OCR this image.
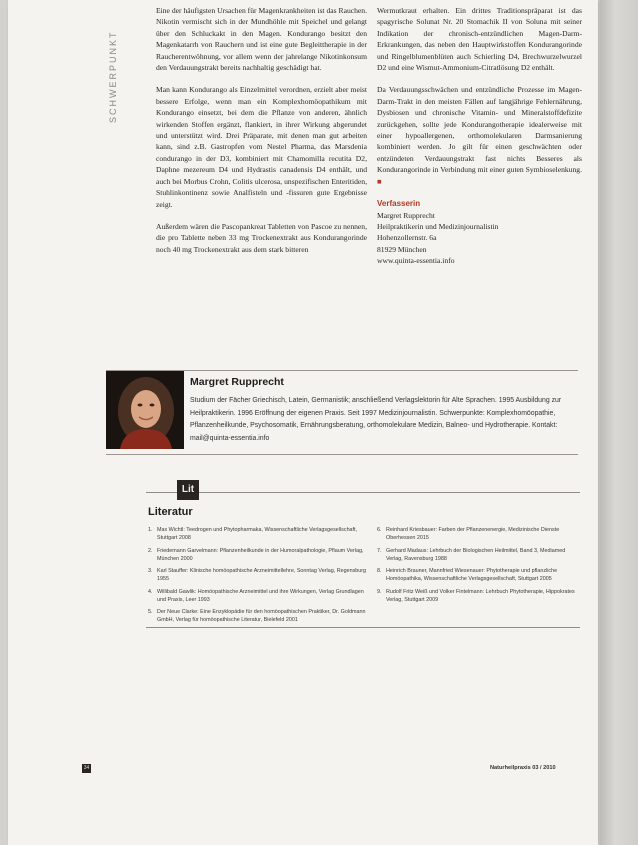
SCHWERPUNKT

Eine der häufigsten Ursachen für Magenkrankheiten ist das Rauchen. Nikotin vermischt sich in der Mundhöhle mit Speichel und gelangt über den Schluckakt in den Magen. Kondurango besitzt den Magenkatarrh von Rauchern und ist eine gute Begleittherapie in der Raucherentwöhnung, vor allem wenn der jahrelange Nikotinkonsum den Verdauungstrakt bereits nachhaltig geschädigt hat.

Man kann Kondurango als Einzelmittel verordnen, erzielt aber meist bessere Erfolge, wenn man ein Komplexhomöopathikum mit Kondurango einsetzt, bei dem die Pflanze von anderen, ähnlich wirkenden Stoffen ergänzt, flankiert, in ihrer Wirkung abgerundet und unterstützt wird. Drei Präparate, mit denen man gut arbeiten kann, sind z.B. Gastropfen vom Nestel Pharma, das Marsdenia condurango in der D3, kombiniert mit Chamomilla recutita D2, Daphne mezereum D4 und Hydrastis canadensis D4 enthält, und auch bei Morbus Crohn, Colitis ulcerosa, unspezifischen Enteritiden, Stuhlinkontinenz sowie Analfisteln und -fissuren gute Ergebnisse zeigt.

Außerdem wären die Pascopankreat Tabletten von Pascoe zu nennen, die pro Tablette neben 33 mg Trockenextrakt aus Kondurangorinde noch 40 mg Trockenextrakt aus dem stark bitteren

Wermutkraut erhalten. Ein drittes Traditionspräparat ist das spagyrische Solunat Nr. 20 Stomachik II von Soluna mit seiner Indikation der chronisch-entzündlichen Magen-Darm-Erkrankungen, das neben den Hauptwirkstoffen Kondurangorinde und Ringelblumenblüten auch Schierling D4, Brechwurzelwurzel D2 und eine Wismut-Ammonium-Citratlösung D2 enthält.

Da Verdauungsschwächen und entzündliche Prozesse im Magen-Darm-Trakt in den meisten Fällen auf langjährige Fehlernährung, Dysbiosen und chronische Vitamin- und Mineralstoffdefizite zurückgehen, sollte jede Kondurangotherapie idealerweise mit einer hypoallergenen, orthomolekularen Darmsanierung kombiniert werden. Jo gilt für einen geschwächten oder entzündeten Verdauungstrakt fast nichts Besseres als Kondurangorinde in Verbindung mit einer guten Symbioselenkung. ■

Verfasserin
Margret Rupprecht
Heilpraktikerin und Medizinjournalistin
Hohenzollernstr. 6a
81929 München
www.quinta-essentia.info
Margret Rupprecht
Studium der Fächer Griechisch, Latein, Germanistik; anschließend Verlagslektorin für Alte Sprachen. 1995 Ausbildung zur Heilpraktikerin. 1996 Eröffnung der eigenen Praxis. Seit 1997 Medizinjournalistin. Schwerpunkte: Komplexhomöopathie, Pflanzenheilkunde, Psychosomatik, Ernährungsberatung, orthomolekulare Medizin, Balneo- und Hydrotherapie. Kontakt: mail@quinta-essentia.info
Lit
Literatur
1. Max Wichtl: Teedrogen und Phytopharmaka, Wissenschaftliche Verlagsgesellschaft, Stuttgart 2008
2. Friedemann Garvelmann: Pflanzenheilkunde in der Humoralpathologie, Pflaum Verlag, München 2000
3. Karl Stauffer: Klinische homöopathische Arzneimittellehre, Sonntag Verlag, Regensburg 1955
4. Willibald Gawlik: Homöopathische Arzneimittel und ihre Wirkungen, Verlag Grundlagen und Praxis, Leer 1993
5. Der Neue Clarke: Eine Enzyklopädie für den homöopathischen Praktiker, Dr. Goldmann GmbH, Verlag für homöopathische Literatur, Bielefeld 2001
6. Reinhard Kriesbauer: Farben der Pflanzenenergie, Medizinische Dienste Oberhessen 2015
7. Gerhard Madaus: Lehrbuch der Biologischen Heilmittel, Band 3, Mediamed Verlag, Ravensburg 1988
8. Heinrich Brauner, Mannfried Wiesenauer: Phytotherapie und pflanzliche Homöopathika, Wissenschaftliche Verlagsgesellschaft, Stuttgart 2005
9. Rudolf Fritz Weiß und Volker Fintelmann: Lehrbuch Phytotherapie, Hippokrates Verlag, Stuttgart 2009
34	Naturheilpraxis 03 / 2010
